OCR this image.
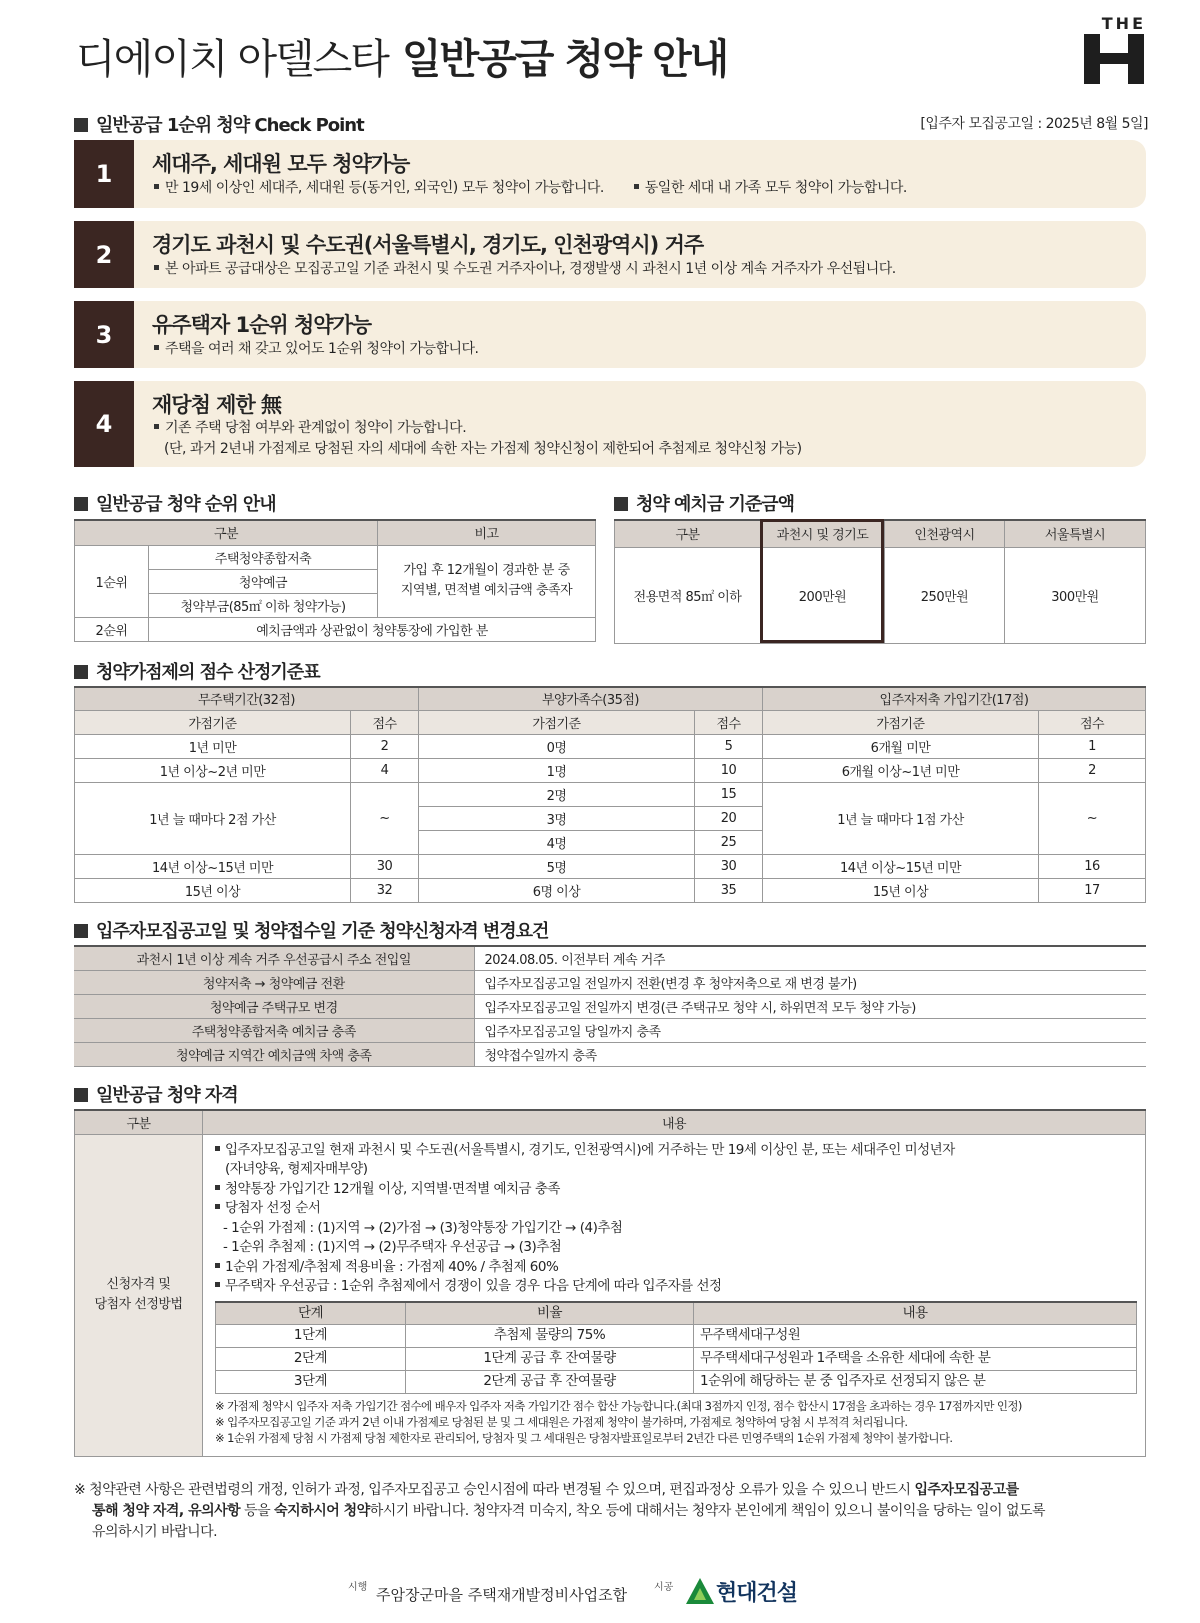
디에이치 아델스타 일반공급 청약 안내
THE
일반공급 1순위 청약 Check Point	[입주자 모집공고일 : 2025년 8월 5일]
1	세대주, 세대원 모두 청약가능
만 19세 이상인 세대주, 세대원 등(동거인, 외국인) 모두 청약이 가능합니다.	동일한 세대 내 가족 모두 청약이 가능합니다.
2	경기도 과천시 및 수도권(서울특별시, 경기도, 인천광역시) 거주
본 아파트 공급대상은 모집공고일 기준 과천시 및 수도권 거주자이나, 경쟁발생 시 과천시 1년 이상 계속 거주자가 우선됩니다.
3	유주택자 1순위 청약가능
주택을 여러 채 갖고 있어도 1순위 청약이 가능합니다.
4
재당첨 제한 無
기존 주택 당첨 여부와 관계없이 청약이 가능합니다.
(단, 과거 2년내 가점제로 당첨된 자의 세대에 속한 자는 가점제 청약신청이 제한되어 추첨제로 청약신청 가능)
일반공급 청약 순위 안내
구분		비고
1순위	주택청약종합저축	가입 후 12개월이 경과한 분 중
지역별, 면적별 예치금액 충족자
	청약예금	
	청약부금(85㎡ 이하 청약가능)	
2순위	예치금액과 상관없이 청약통장에 가입한 분	
청약 예치금 기준금액
구분	과천시 및 경기도	인천광역시	서울특별시
전용면적 85㎡ 이하	200만원	250만원	300만원
청약가점제의 점수 산정기준표
무주택기간(32점)		부양가족수(35점)		입주자저축 가입기간(17점)	
가점기준	점수	가점기준	점수	가점기준	점수
1년 미만	2	0명	5	6개월 미만	1
1년 이상~2년 미만	4	1명	10	6개월 이상~1년 미만	2
1년 늘 때마다 2점 가산	~	2명	15	1년 늘 때마다 1점 가산	~
		3명	20		
		4명	25		
14년 이상~15년 미만	30	5명	30	14년 이상~15년 미만	16
15년 이상	32	6명 이상	35	15년 이상	17
입주자모집공고일 및 청약접수일 기준 청약신청자격 변경요건
과천시 1년 이상 계속 거주 우선공급시 주소 전입일	2024.08.05. 이전부터 계속 거주
청약저축 → 청약예금 전환	입주자모집공고일 전일까지 전환(변경 후 청약저축으로 재 변경 불가)
청약예금 주택규모 변경	입주자모집공고일 전일까지 변경(큰 주택규모 청약 시, 하위면적 모두 청약 가능)
주택청약종합저축 예치금 충족	입주자모집공고일 당일까지 충족
청약예금 지역간 예치금액 차액 충족	청약접수일까지 충족
일반공급 청약 자격
구분	내용
신청자격 및
당첨자 선정방법	
입주자모집공고일 현재 과천시 및 수도권(서울특별시, 경기도, 인천광역시)에 거주하는 만 19세 이상인 분, 또는 세대주인 미성년자
(자녀양육, 형제자매부양)
청약통장 가입기간 12개월 이상, 지역별·면적별 예치금 충족
당첨자 선정 순서
- 1순위 가점제 : (1)지역 → (2)가점 → (3)청약통장 가입기간 → (4)추첨
- 1순위 추첨제 : (1)지역 → (2)무주택자 우선공급 → (3)추첨
1순위 가점제/추첨제 적용비율 : 가점제 40% / 추첨제 60%
무주택자 우선공급 : 1순위 추첨제에서 경쟁이 있을 경우 다음 단계에 따라 입주자를 선정
단계	비율	내용
1단계	추첨제 물량의 75%	무주택세대구성원
2단계	1단계 공급 후 잔여물량	무주택세대구성원과 1주택을 소유한 세대에 속한 분
3단계	2단계 공급 후 잔여물량	1순위에 해당하는 분 중 입주자로 선정되지 않은 분
※ 가점제 청약시 입주자 저축 가입기간 점수에 배우자 입주자 저축 가입기간 점수 합산 가능합니다.(최대 3점까지 인정, 점수 합산시 17점을 초과하는 경우 17점까지만 인정)
※ 입주자모집공고일 기준 과거 2년 이내 가점제로 당첨된 분 및 그 세대원은 가점제 청약이 불가하며, 가점제로 청약하여 당첨 시 부적격 처리됩니다.
※ 1순위 가점제 당첨 시 가점제 당첨 제한자로 관리되어, 당첨자 및 그 세대원은 당첨자발표일로부터 2년간 다른 민영주택의 1순위 가점제 청약이 불가합니다.
※ 청약관련 사항은 관련법령의 개정, 인허가 과정, 입주자모집공고 승인시점에 따라 변경될 수 있으며, 편집과정상 오류가 있을 수 있으니 반드시 입주자모집공고를
통해 청약 자격, 유의사항 등을 숙지하시어 청약하시기 바랍니다. 청약자격 미숙지, 착오 등에 대해서는 청약자 본인에게 책임이 있으니 불이익을 당하는 일이 없도록
유의하시기 바랍니다.
시행 주암장군마을 주택재개발정비사업조합	시공 현대건설
